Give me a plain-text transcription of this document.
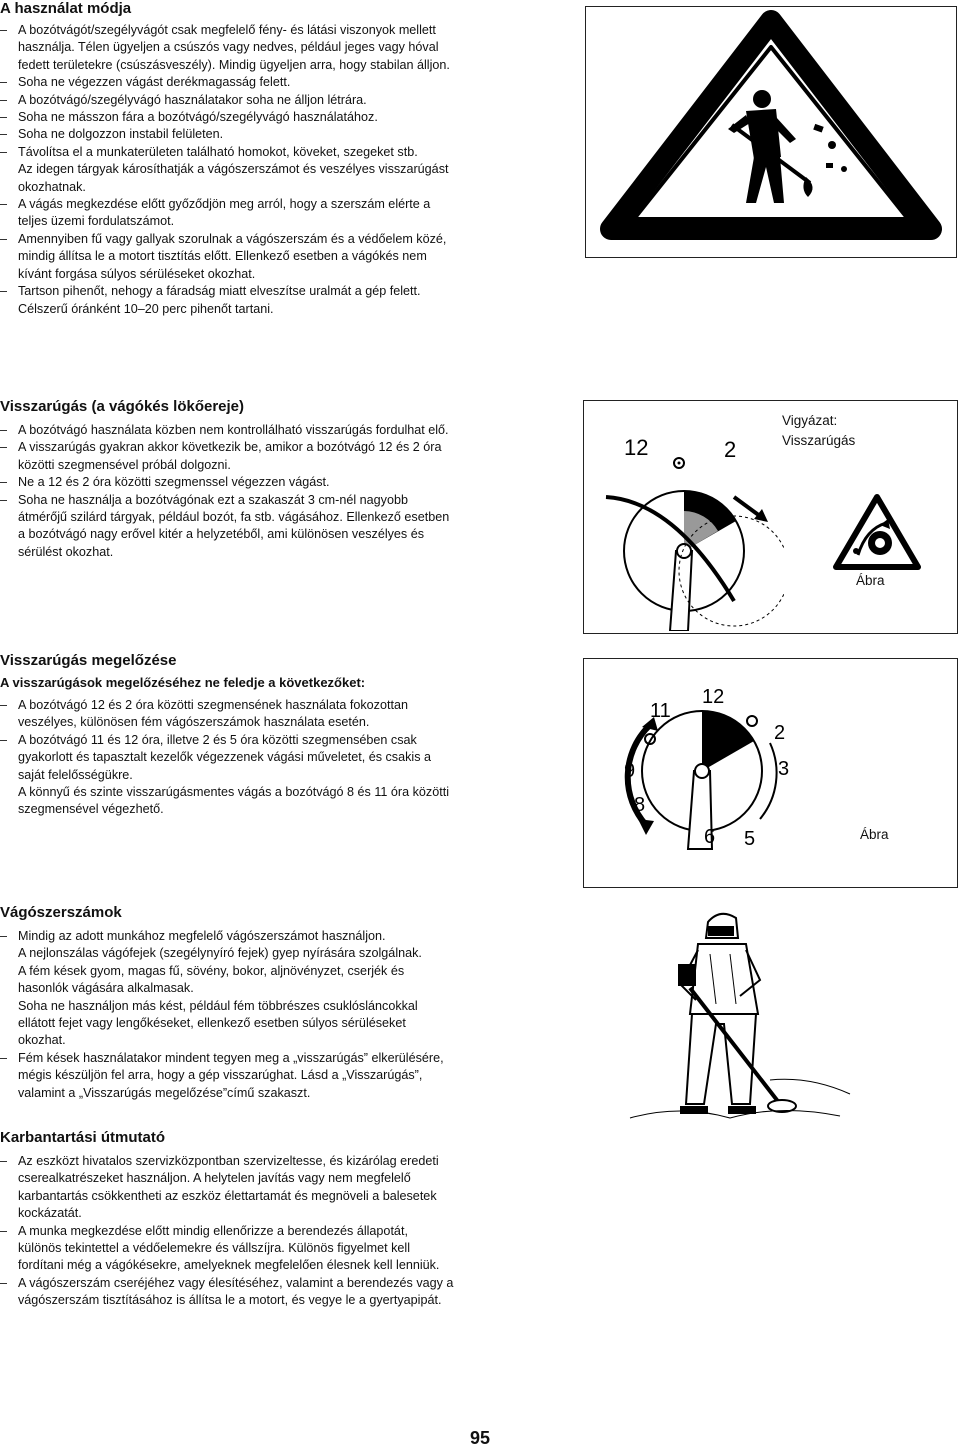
A használat módja
– A bozótvágót/szegélyvágót csak megfelelő fény- és látási viszonyok mellett
használja. Télen ügyeljen a csúszós vagy nedves, például jeges vagy hóval
fedett területekre (csúszásveszély). Mindig ügyeljen arra, hogy stabilan álljon.
– Soha ne végezzen vágást derékmagasság felett.
– A bozótvágó/szegélyvágó használatakor soha ne álljon létrára.
– Soha ne másszon fára a bozótvágó/szegélyvágó használatához.
– Soha ne dolgozzon instabil felületen.
– Távolítsa el a munkaterületen található homokot, köveket, szegeket stb.
Az idegen tárgyak károsíthatják a vágószerszámot és veszélyes visszarúgást
okozhatnak.
– A vágás megkezdése előtt győződjön meg arról, hogy a szerszám elérte a
teljes üzemi fordulatszámot.
– Amennyiben fű vagy gallyak szorulnak a vágószerszám és a védőelem közé,
mindig állítsa le a motort tisztítás előtt. Ellenkező esetben a vágókés nem
kívánt forgása súlyos sérüléseket okozhat.
– Tartson pihenőt, nehogy a fáradság miatt elveszítse uralmát a gép felett.
Célszerű óránként 10–20 perc pihenőt tartani.
Visszarúgás (a vágókés lökőereje)
– A bozótvágó használata közben nem kontrollálható visszarúgás fordulhat elő.
– A visszarúgás gyakran akkor következik be, amikor a bozótvágó 12 és 2 óra
közötti szegmensével próbál dolgozni.
– Ne a 12 és 2 óra közötti szegmenssel végezzen vágást.
– Soha ne használja a bozótvágónak ezt a szakaszát 3 cm-nél nagyobb
átmérőjű szilárd tárgyak, például bozót, fa stb. vágásához. Ellenkező esetben
a bozótvágó nagy erővel kitér a helyzetéből, ami különösen veszélyes és
sérülést okozhat.
12	2
Vigyázat:
Visszarúgás
Ábra
Visszarúgás megelőzése
A visszarúgások megelőzéséhez ne feledje a következőket:
– A bozótvágó 12 és 2 óra közötti szegmensének használata fokozottan
veszélyes, különösen fém vágószerszámok használata esetén.
– A bozótvágó 11 és 12 óra, illetve 2 és 5 óra közötti szegmensében csak
gyakorlott és tapasztalt kezelők végezzenek vágási műveletet, és csakis a
saját felelősségükre.
A könnyű és szinte visszarúgásmentes vágás a bozótvágó 8 és 11 óra közötti
szegmensével végezhető.
12
11
2
3
9
8
6 5	Ábra
Vágószerszámok
– Mindig az adott munkához megfelelő vágószerszámot használjon.
A nejlonszálas vágófejek (szegélynyíró fejek) gyep nyírására szolgálnak.
A fém kések gyom, magas fű, sövény, bokor, aljnövényzet, cserjék és
hasonlók vágására alkalmasak.
Soha ne használjon más kést, például fém többrészes csuklósláncokkal
ellátott fejet vagy lengőkéseket, ellenkező esetben súlyos sérüléseket
okozhat.
– Fém kések használatakor mindent tegyen meg a „visszarúgás” elkerülésére,
mégis készüljön fel arra, hogy a gép visszarúghat. Lásd a „Visszarúgás”,
valamint a „Visszarúgás megelőzése”című szakaszt.
Karbantartási útmutató
– Az eszközt hivatalos szervizközpontban szervizeltesse, és kizárólag eredeti
cserealkatrészeket használjon. A helytelen javítás vagy nem megfelelő
karbantartás csökkentheti az eszköz élettartamát és megnöveli a balesetek
kockázatát.
– A munka megkezdése előtt mindig ellenőrizze a berendezés állapotát,
különös tekintettel a védőelemekre és vállszíjra. Különös figyelmet kell
fordítani még a vágókésekre, amelyeknek megfelelően élesnek kell lenniük.
– A vágószerszám cseréjéhez vagy élesítéséhez, valamint a berendezés vagy a
vágószerszám tisztításához is állítsa le a motort, és vegye le a gyertyapipát.
95
